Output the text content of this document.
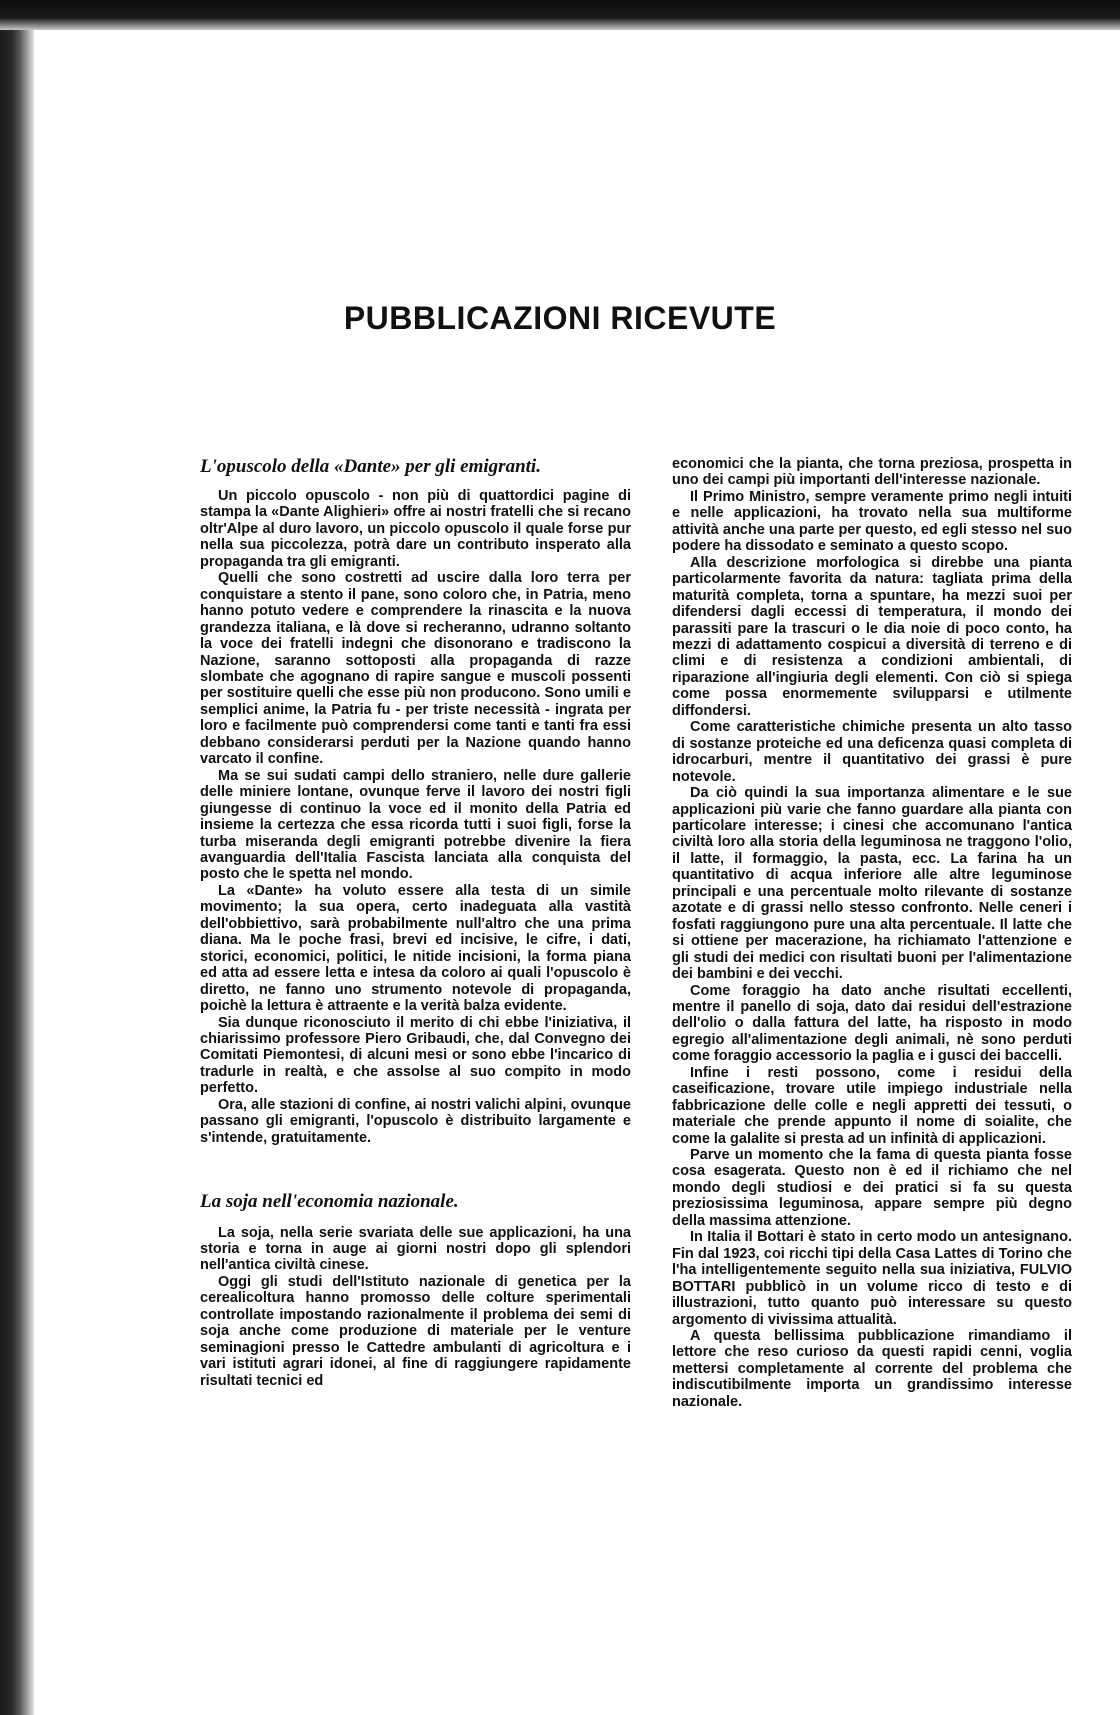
PUBBLICAZIONI RICEVUTE
L'opuscolo della «Dante» per gli emigranti.

Un piccolo opuscolo - non più di quattordici pagine di stampa la «Dante Alighieri» offre ai nostri fratelli che si recano oltr'Alpe al duro lavoro, un piccolo opuscolo il quale forse pur nella sua piccolezza, potrà dare un contributo insperato alla propaganda tra gli emigranti.

Quelli che sono costretti ad uscire dalla loro terra per conquistare a stento il pane, sono coloro che, in Patria, meno hanno potuto vedere e comprendere la rinascita e la nuova grandezza italiana, e là dove si recheranno, udranno soltanto la voce dei fratelli indegni che disonorano e tradiscono la Nazione, saranno sottoposti alla propaganda di razze slombate che agognano di rapire sangue e muscoli possenti per sostituire quelli che esse più non producono. Sono umili e semplici anime, la Patria fu - per triste necessità - ingrata per loro e facilmente può comprendersi come tanti e tanti fra essi debbano considerarsi perduti per la Nazione quando hanno varcato il confine.

Ma se sui sudati campi dello straniero, nelle dure gallerie delle miniere lontane, ovunque ferve il lavoro dei nostri figli giungesse di continuo la voce ed il monito della Patria ed insieme la certezza che essa ricorda tutti i suoi figli, forse la turba miseranda degli emigranti potrebbe divenire la fiera avanguardia dell'Italia Fascista lanciata alla conquista del posto che le spetta nel mondo.

La «Dante» ha voluto essere alla testa di un simile movimento; la sua opera, certo inadeguata alla vastità dell'obbiettivo, sarà probabilmente null'altro che una prima diana. Ma le poche frasi, brevi ed incisive, le cifre, i dati, storici, economici, politici, le nitide incisioni, la forma piana ed atta ad essere letta e intesa da coloro ai quali l'opuscolo è diretto, ne fanno uno strumento notevole di propaganda, poichè la lettura è attraente e la verità balza evidente.

Sia dunque riconosciuto il merito di chi ebbe l'iniziativa, il chiarissimo professore Piero Gribaudi, che, dal Convegno dei Comitati Piemontesi, di alcuni mesi or sono ebbe l'incarico di tradurle in realtà, e che assolse al suo compito in modo perfetto.

Ora, alle stazioni di confine, ai nostri valichi alpini, ovunque passano gli emigranti, l'opuscolo è distribuito largamente e s'intende, gratuitamente.

La soja nell'economia nazionale.

La soja, nella serie svariata delle sue applicazioni, ha una storia e torna in auge ai giorni nostri dopo gli splendori nell'antica civiltà cinese.

Oggi gli studi dell'Istituto nazionale di genetica per la cerealicoltura hanno promosso delle colture sperimentali controllate impostando razionalmente il problema dei semi di soja anche come produzione di materiale per le venture seminagioni presso le Cattedre ambulanti di agricoltura e i vari istituti agrari idonei, al fine di raggiungere rapidamente risultati tecnici ed

economici che la pianta, che torna preziosa, prospetta in uno dei campi più importanti dell'interesse nazionale.

Il Primo Ministro, sempre veramente primo negli intuiti e nelle applicazioni, ha trovato nella sua multiforme attività anche una parte per questo, ed egli stesso nel suo podere ha dissodato e seminato a questo scopo.

Alla descrizione morfologica si direbbe una pianta particolarmente favorita da natura: tagliata prima della maturità completa, torna a spuntare, ha mezzi suoi per difendersi dagli eccessi di temperatura, il mondo dei parassiti pare la trascuri o le dia noie di poco conto, ha mezzi di adattamento cospicui a diversità di terreno e di climi e di resistenza a condizioni ambientali, di riparazione all'ingiuria degli elementi. Con ciò si spiega come possa enormemente svilupparsi e utilmente diffondersi.

Come caratteristiche chimiche presenta un alto tasso di sostanze proteiche ed una deficenza quasi completa di idrocarburi, mentre il quantitativo dei grassi è pure notevole.

Da ciò quindi la sua importanza alimentare e le sue applicazioni più varie che fanno guardare alla pianta con particolare interesse; i cinesi che accomunano l'antica civiltà loro alla storia della leguminosa ne traggono l'olio, il latte, il formaggio, la pasta, ecc. La farina ha un quantitativo di acqua inferiore alle altre leguminose principali e una percentuale molto rilevante di sostanze azotate e di grassi nello stesso confronto. Nelle ceneri i fosfati raggiungono pure una alta percentuale. Il latte che si ottiene per macerazione, ha richiamato l'attenzione e gli studi dei medici con risultati buoni per l'alimentazione dei bambini e dei vecchi.

Come foraggio ha dato anche risultati eccellenti, mentre il panello di soja, dato dai residui dell'estrazione dell'olio o dalla fattura del latte, ha risposto in modo egregio all'alimentazione degli animali, nè sono perduti come foraggio accessorio la paglia e i gusci dei baccelli.

Infine i resti possono, come i residui della caseificazione, trovare utile impiego industriale nella fabbricazione delle colle e negli appretti dei tessuti, o materiale che prende appunto il nome di soialite, che come la galalite si presta ad un infinità di applicazioni.

Parve un momento che la fama di questa pianta fosse cosa esagerata. Questo non è ed il richiamo che nel mondo degli studiosi e dei pratici si fa su questa preziosissima leguminosa, appare sempre più degno della massima attenzione.

In Italia il Bottari è stato in certo modo un antesignano. Fin dal 1923, coi ricchi tipi della Casa Lattes di Torino che l'ha intelligentemente seguito nella sua iniziativa, FULVIO BOTTARI pubblicò in un volume ricco di testo e di illustrazioni, tutto quanto può interessare su questo argomento di vivissima attualità.

A questa bellissima pubblicazione rimandiamo il lettore che reso curioso da questi rapidi cenni, voglia mettersi completamente al corrente del problema che indiscutibilmente importa un grandissimo interesse nazionale.
